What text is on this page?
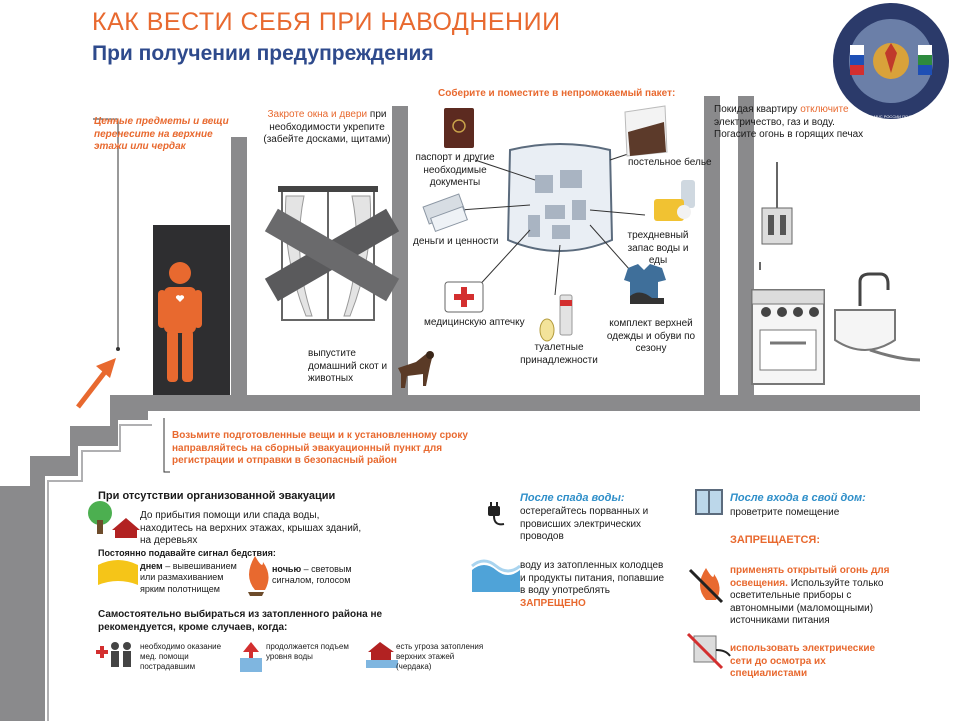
ГЛАВНОЕ УПРАВЛЕНИЕ МЧС РОССИИ ПО ТЮМЕНСКОЙ ОБЛАСТИ
КАК ВЕСТИ СЕБЯ ПРИ НАВОДНЕНИИ
При получении предупреждения
Ценные предметы и вещи перенесите на верхние этажи или чердак
Закроте окна и двери при необходимости укрепите (забейте досками, щитами)
Соберите и поместите в непромокаемый пакет:
паспорт и другие необходимые документы
постельное белье
деньги и ценности
трехдневный запас воды и еды
медицинскую аптечку
туалетные принадлежности
комплект верхней одежды и обуви по сезону
Покидая квартиру отключите электричество, газ и воду. Погасите огонь в горящих печах
выпустите домашний скот и животных
Возьмите подготовленные вещи и к установленному сроку направляйтесь на сборный эвакуационный пункт для регистрации и отправки в безопасный район
При отсутствии организованной эвакуации
До прибытия помощи или спада воды, находитесь на верхних этажах, крышах зданий, на деревьях
Постоянно подавайте сигнал бедствия:
днем – вывешиванием или размахиванием ярким полотнищем
ночью – световым сигналом, голосом
Самостоятельно выбираться из затопленного района не рекомендуется, кроме случаев, когда:
необходимо оказание мед. помощи пострадавшим
продолжается подъем уровня воды
есть угроза затопления верхних этажей (чердака)
После спада воды:
остерегайтесь порванных и провисших электрических проводов
воду из затопленных колодцев и продукты питания, попавшие в воду употреблять ЗАПРЕЩЕНО
После входа в свой дом:
проветрите помещение
ЗАПРЕЩАЕТСЯ:
применять открытый огонь для освещения. Используйте только осветительные приборы с автономными (маломощными) источниками питания
использовать электрические сети до осмотра их специалистами
